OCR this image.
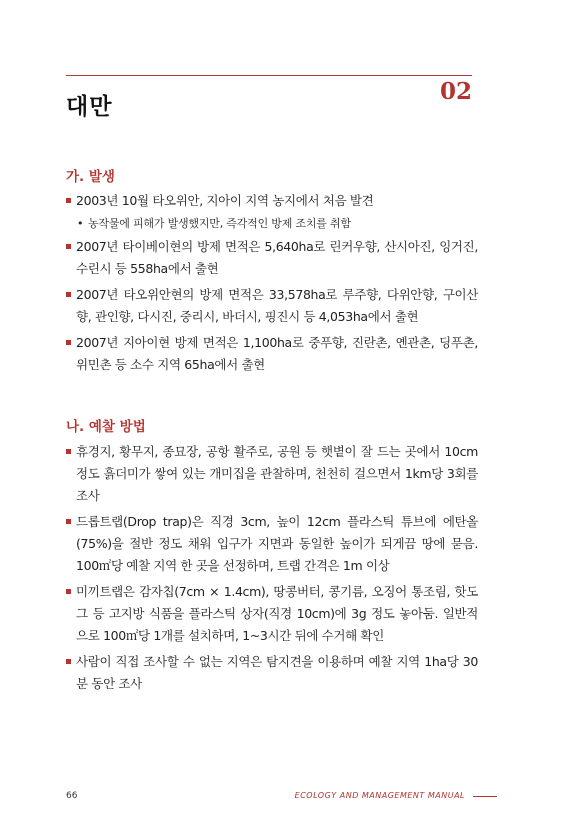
대만
02
가. 발생
2003년 10월 타오위안, 지아이 지역 농지에서 처음 발견
• 농작물에 피해가 발생했지만, 즉각적인 방제 조치를 취함
2007년 타이베이현의 방제 면적은 5,640ha로 린커우향, 산시아진, 잉거진, 수린시 등 558ha에서 출현
2007년 타오위안현의 방제 면적은 33,578ha로 루주향, 다위안향, 구이산향, 관인향, 다시진, 중리시, 바더시, 핑진시 등 4,053ha에서 출현
2007년 지아이현 방제 면적은 1,100ha로 중푸향, 진란촌, 옌관촌, 딩푸촌, 위민촌 등 소수 지역 65ha에서 출현
나. 예찰 방법
휴경지, 황무지, 종묘장, 공항 활주로, 공원 등 햇볕이 잘 드는 곳에서 10cm 정도 흙더미가 쌓여 있는 개미집을 관찰하며, 천천히 걸으면서 1km당 3회를 조사
드롭트랩(Drop trap)은 직경 3cm, 높이 12cm 플라스틱 튜브에 에탄올(75%)을 절반 정도 채워 입구가 지면과 동일한 높이가 되게끔 땅에 묻음. 100㎡당 예찰 지역 한 곳을 선정하며, 트랩 간격은 1m 이상
미끼트랩은 감자칩(7cm × 1.4cm), 땅콩버터, 콩기름, 오징어 통조림, 핫도그 등 고지방 식품을 플라스틱 상자(직경 10cm)에 3g 정도 놓아둠. 일반적으로 100㎡당 1개를 설치하며, 1~3시간 뒤에 수거해 확인
사람이 직접 조사할 수 없는 지역은 탐지견을 이용하며 예찰 지역 1ha당 30분 동안 조사
66	ECOLOGY AND MANAGEMENT MANUAL
